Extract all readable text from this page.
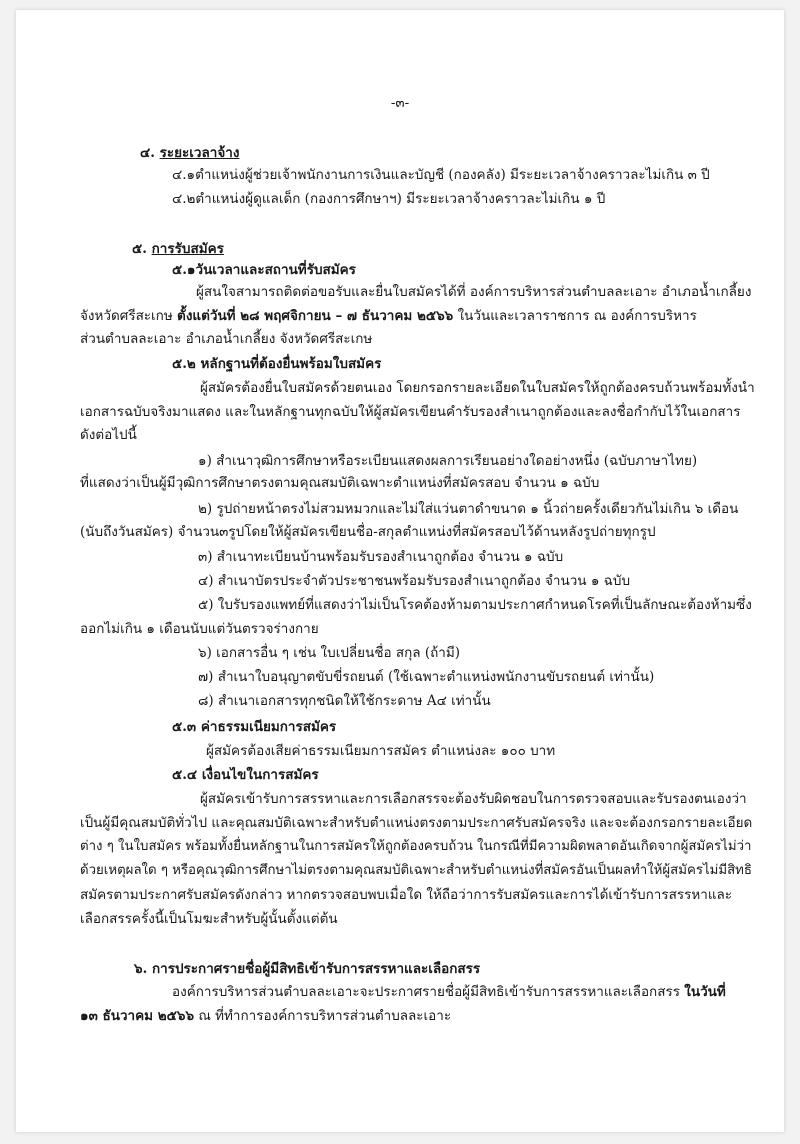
-๓-
๔. ระยะเวลาจ้าง
๔.๑ตำแหน่งผู้ช่วยเจ้าพนักงานการเงินและบัญชี (กองคลัง) มีระยะเวลาจ้างคราวละไม่เกิน ๓ ปี
๔.๒ตำแหน่งผู้ดูแลเด็ก (กองการศึกษาฯ) มีระยะเวลาจ้างคราวละไม่เกิน ๑ ปี
๕. การรับสมัคร
๕.๑วันเวลาและสถานที่รับสมัคร
ผู้สนใจสามารถติดต่อขอรับและยื่นใบสมัครได้ที่ องค์การบริหารส่วนตำบลละเอาะ อำเภอน้ำเกลี้ยง
จังหวัดศรีสะเกษ ตั้งแต่วันที่ ๒๘ พฤศจิกายน – ๗ ธันวาคม ๒๕๖๖ ในวันและเวลาราชการ ณ องค์การบริหาร
ส่วนตำบลละเอาะ อำเภอน้ำเกลี้ยง จังหวัดศรีสะเกษ
๕.๒ หลักฐานที่ต้องยื่นพร้อมใบสมัคร
ผู้สมัครต้องยื่นใบสมัครด้วยตนเอง โดยกรอกรายละเอียดในใบสมัครให้ถูกต้องครบถ้วนพร้อมทั้งนำ
เอกสารฉบับจริงมาแสดง และในหลักฐานทุกฉบับให้ผู้สมัครเขียนคำรับรองสำเนาถูกต้องและลงชื่อกำกับไว้ในเอกสาร
ดังต่อไปนี้
๑) สำเนาวุฒิการศึกษาหรือระเบียนแสดงผลการเรียนอย่างใดอย่างหนึ่ง (ฉบับภาษาไทย)
ที่แสดงว่าเป็นผู้มีวุฒิการศึกษาตรงตามคุณสมบัติเฉพาะตำแหน่งที่สมัครสอบ จำนวน ๑ ฉบับ
๒) รูปถ่ายหน้าตรงไม่สวมหมวกและไม่ใส่แว่นตาดำขนาด ๑ นิ้วถ่ายครั้งเดียวกันไม่เกิน ๖ เดือน
(นับถึงวันสมัคร) จำนวน๓รูปโดยให้ผู้สมัครเขียนชื่อ-สกุลตำแหน่งที่สมัครสอบไว้ด้านหลังรูปถ่ายทุกรูป
๓) สำเนาทะเบียนบ้านพร้อมรับรองสำเนาถูกต้อง จำนวน ๑ ฉบับ
๔) สำเนาบัตรประจำตัวประชาชนพร้อมรับรองสำเนาถูกต้อง จำนวน ๑ ฉบับ
๕) ใบรับรองแพทย์ที่แสดงว่าไม่เป็นโรคต้องห้ามตามประกาศกำหนดโรคที่เป็นลักษณะต้องห้ามซึ่ง
ออกไม่เกิน ๑ เดือนนับแต่วันตรวจร่างกาย
๖) เอกสารอื่น ๆ เช่น ใบเปลี่ยนชื่อ สกุล (ถ้ามี)
๗) สำเนาใบอนุญาตขับขี่รถยนต์ (ใช้เฉพาะตำแหน่งพนักงานขับรถยนต์ เท่านั้น)
๘) สำเนาเอกสารทุกชนิดให้ใช้กระดาษ A๔ เท่านั้น
๕.๓ ค่าธรรมเนียมการสมัคร
ผู้สมัครต้องเสียค่าธรรมเนียมการสมัคร ตำแหน่งละ ๑๐๐ บาท
๕.๔ เงื่อนไขในการสมัคร
ผู้สมัครเข้ารับการสรรหาและการเลือกสรรจะต้องรับผิดชอบในการตรวจสอบและรับรองตนเองว่า
เป็นผู้มีคุณสมบัติทั่วไป และคุณสมบัติเฉพาะสำหรับตำแหน่งตรงตามประกาศรับสมัครจริง และจะต้องกรอกรายละเอียด
ต่าง ๆ ในใบสมัคร พร้อมทั้งยื่นหลักฐานในการสมัครให้ถูกต้องครบถ้วน ในกรณีที่มีความผิดพลาดอันเกิดจากผู้สมัครไม่ว่า
ด้วยเหตุผลใด ๆ หรือคุณวุฒิการศึกษาไม่ตรงตามคุณสมบัติเฉพาะสำหรับตำแหน่งที่สมัครอันเป็นผลทำให้ผู้สมัครไม่มีสิทธิ
สมัครตามประกาศรับสมัครดังกล่าว หากตรวจสอบพบเมื่อใด ให้ถือว่าการรับสมัครและการได้เข้ารับการสรรหาและ
เลือกสรรครั้งนี้เป็นโมฆะสำหรับผู้นั้นตั้งแต่ต้น
๖. การประกาศรายชื่อผู้มีสิทธิเข้ารับการสรรหาและเลือกสรร
องค์การบริหารส่วนตำบลละเอาะจะประกาศรายชื่อผู้มีสิทธิเข้ารับการสรรหาและเลือกสรร ในวันที่
๑๓ ธันวาคม ๒๕๖๖ ณ ที่ทำการองค์การบริหารส่วนตำบลละเอาะ
